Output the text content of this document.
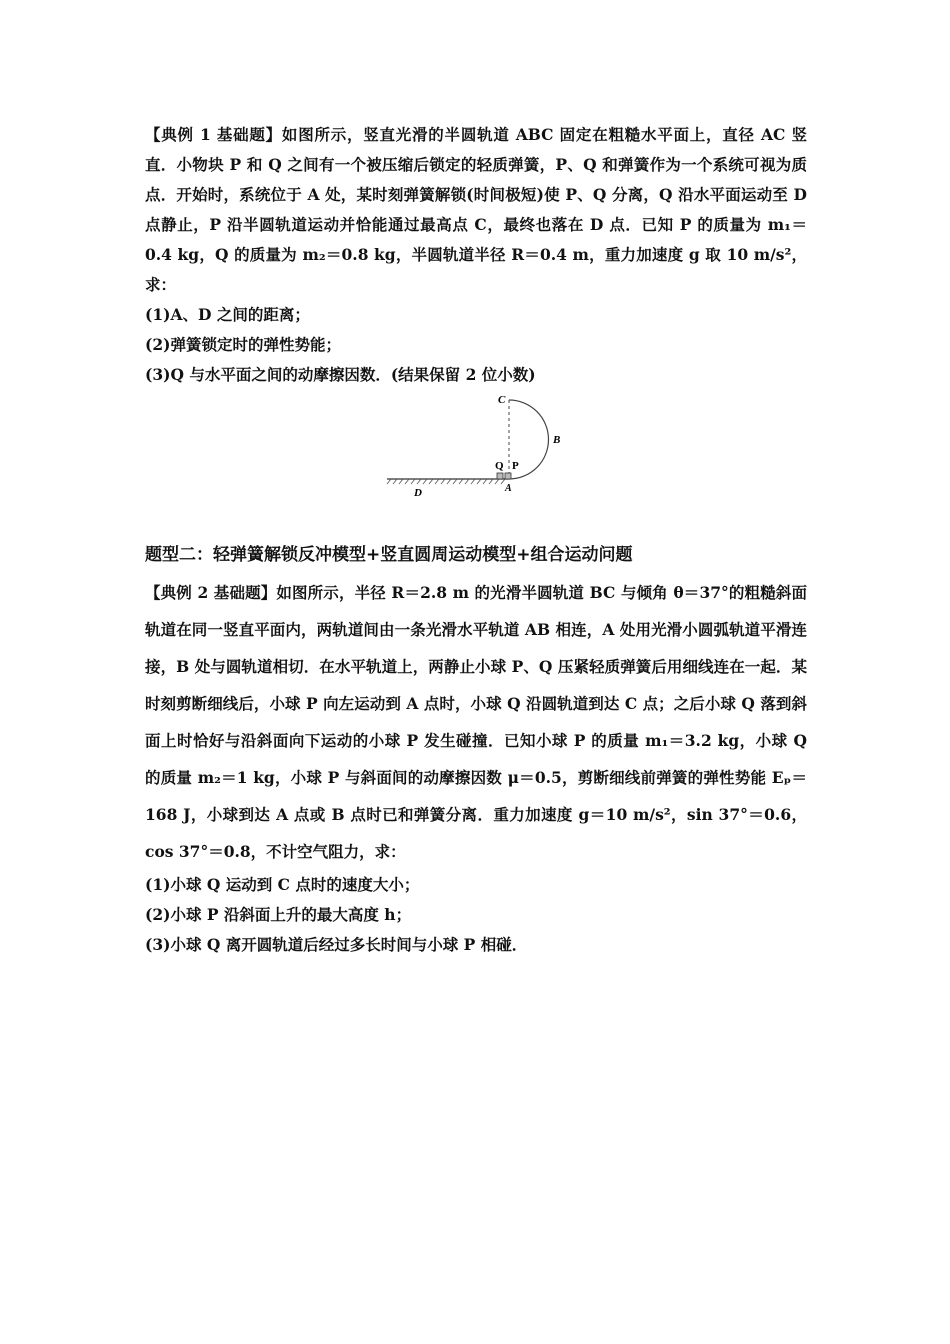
【典例 1 基础题】如图所示，竖直光滑的半圆轨道 ABC 固定在粗糙水平面上，直径 AC 竖直．小物块 P 和 Q 之间有一个被压缩后锁定的轻质弹簧，P、Q 和弹簧作为一个系统可视为质点．开始时，系统位于 A 处，某时刻弹簧解锁(时间极短)使 P、Q 分离，Q 沿水平面运动至 D 点静止，P 沿半圆轨道运动并恰能通过最高点 C，最终也落在 D 点．已知 P 的质量为 m₁＝0.4 kg，Q 的质量为 m₂＝0.8 kg，半圆轨道半径 R＝0.4 m，重力加速度 g 取 10 m/s²，求：

(1)A、D 之间的距离；

(2)弹簧锁定时的弹性势能；

(3)Q 与水平面之间的动摩擦因数．(结果保留 2 位小数)

C
B
Q P
A
D
题型二：轻弹簧解锁反冲模型+竖直圆周运动模型+组合运动问题

【典例 2 基础题】如图所示，半径 R＝2.8 m 的光滑半圆轨道 BC 与倾角 θ＝37°的粗糙斜面轨道在同一竖直平面内，两轨道间由一条光滑水平轨道 AB 相连，A 处用光滑小圆弧轨道平滑连接，B 处与圆轨道相切．在水平轨道上，两静止小球 P、Q 压紧轻质弹簧后用细线连在一起．某时刻剪断细线后，小球 P 向左运动到 A 点时，小球 Q 沿圆轨道到达 C 点；之后小球 Q 落到斜面上时恰好与沿斜面向下运动的小球 P 发生碰撞．已知小球 P 的质量 m₁＝3.2 kg，小球 Q 的质量 m₂＝1 kg，小球 P 与斜面间的动摩擦因数 μ＝0.5，剪断细线前弹簧的弹性势能 Eₚ＝168 J，小球到达 A 点或 B 点时已和弹簧分离．重力加速度 g＝10 m/s²，sin 37°＝0.6，cos 37°＝0.8，不计空气阻力，求：

(1)小球 Q 运动到 C 点时的速度大小；

(2)小球 P 沿斜面上升的最大高度 h；

(3)小球 Q 离开圆轨道后经过多长时间与小球 P 相碰．
